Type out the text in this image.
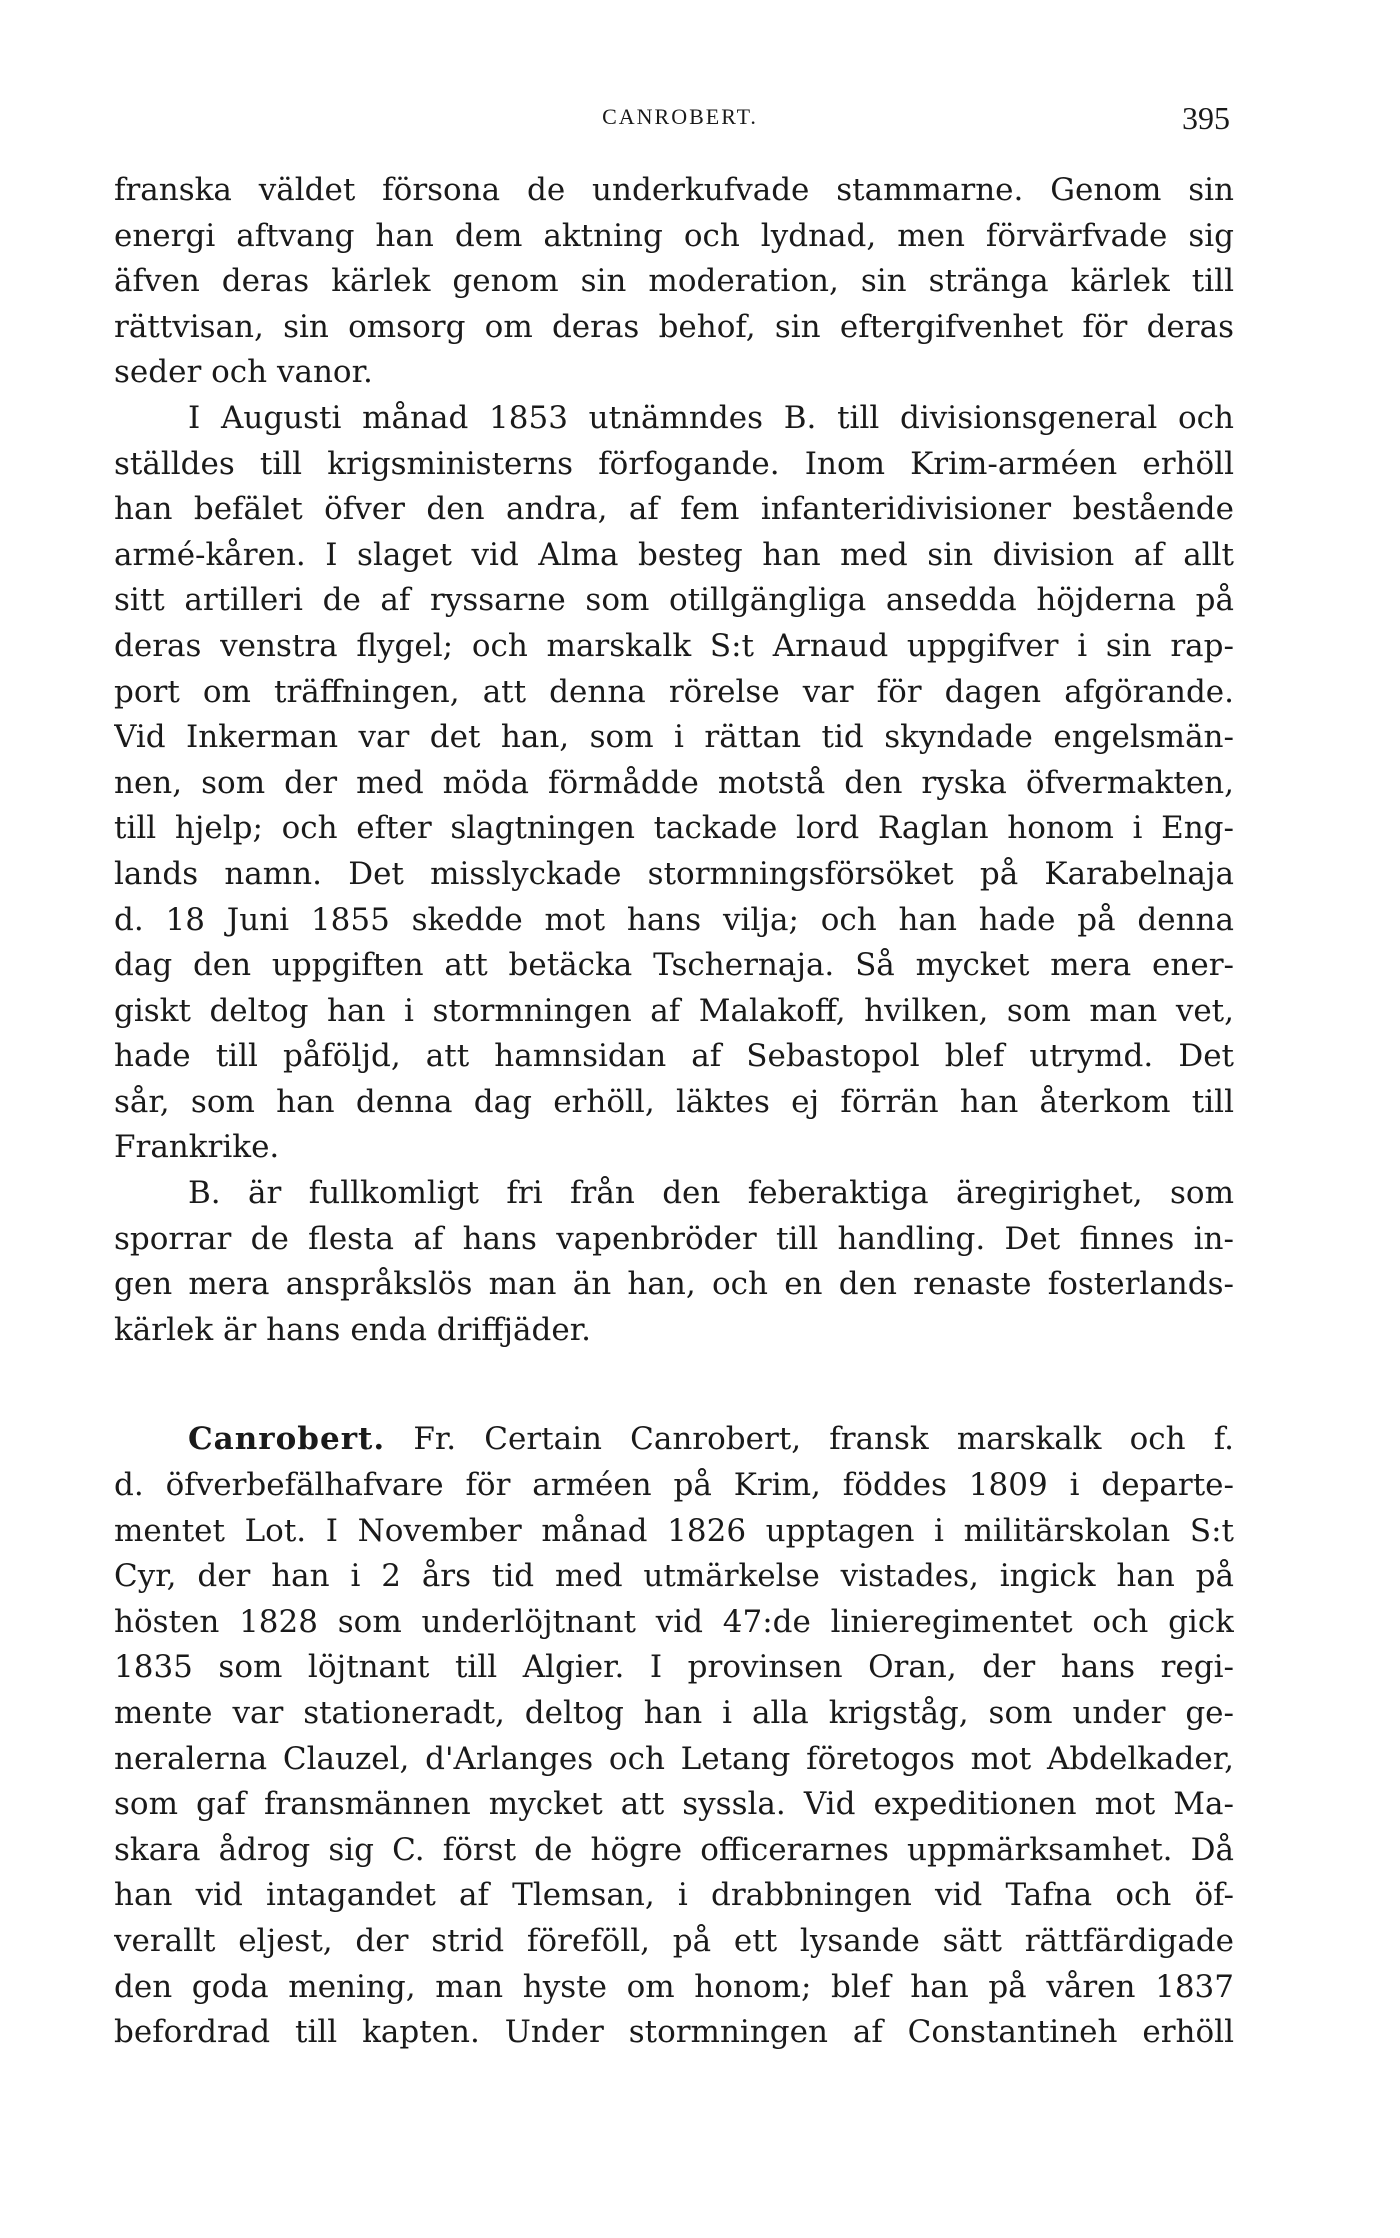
CANROBERT.	395
franska väldet försona de underkufvade stammarne. Genom sin
energi aftvang han dem aktning och lydnad, men förvärfvade sig
äfven deras kärlek genom sin moderation, sin stränga kärlek till
rättvisan, sin omsorg om deras behof, sin eftergifvenhet för deras
seder och vanor.
I Augusti månad 1853 utnämndes B. till divisionsgeneral och
ställdes till krigsministerns förfogande. Inom Krim-arméen erhöll
han befälet öfver den andra, af fem infanteridivisioner bestående
armé-kåren. I slaget vid Alma besteg han med sin division af allt
sitt artilleri de af ryssarne som otillgängliga ansedda höjderna på
deras venstra flygel; och marskalk S:t Arnaud uppgifver i sin rap-
port om träffningen, att denna rörelse var för dagen afgörande.
Vid Inkerman var det han, som i rättan tid skyndade engelsmän-
nen, som der med möda förmådde motstå den ryska öfvermakten,
till hjelp; och efter slagtningen tackade lord Raglan honom i Eng-
lands namn. Det misslyckade stormningsförsöket på Karabelnaja
d. 18 Juni 1855 skedde mot hans vilja; och han hade på denna
dag den uppgiften att betäcka Tschernaja. Så mycket mera ener-
giskt deltog han i stormningen af Malakoff, hvilken, som man vet,
hade till påföljd, att hamnsidan af Sebastopol blef utrymd. Det
sår, som han denna dag erhöll, läktes ej förrän han återkom till
Frankrike.
B. är fullkomligt fri från den feberaktiga äregirighet, som
sporrar de flesta af hans vapenbröder till handling. Det finnes in-
gen mera anspråkslös man än han, och en den renaste fosterlands-
kärlek är hans enda driffjäder.
Canrobert. Fr. Certain Canrobert, fransk marskalk och f.
d. öfverbefälhafvare för arméen på Krim, föddes 1809 i departe-
mentet Lot. I November månad 1826 upptagen i militärskolan S:t
Cyr, der han i 2 års tid med utmärkelse vistades, ingick han på
hösten 1828 som underlöjtnant vid 47:de linieregimentet och gick
1835 som löjtnant till Algier. I provinsen Oran, der hans regi-
mente var stationeradt, deltog han i alla krigståg, som under ge-
neralerna Clauzel, d'Arlanges och Letang företogos mot Abdelkader,
som gaf fransmännen mycket att syssla. Vid expeditionen mot Ma-
skara ådrog sig C. först de högre officerarnes uppmärksamhet. Då
han vid intagandet af Tlemsan, i drabbningen vid Tafna och öf-
verallt eljest, der strid föreföll, på ett lysande sätt rättfärdigade
den goda mening, man hyste om honom; blef han på våren 1837
befordrad till kapten. Under stormningen af Constantineh erhöll
